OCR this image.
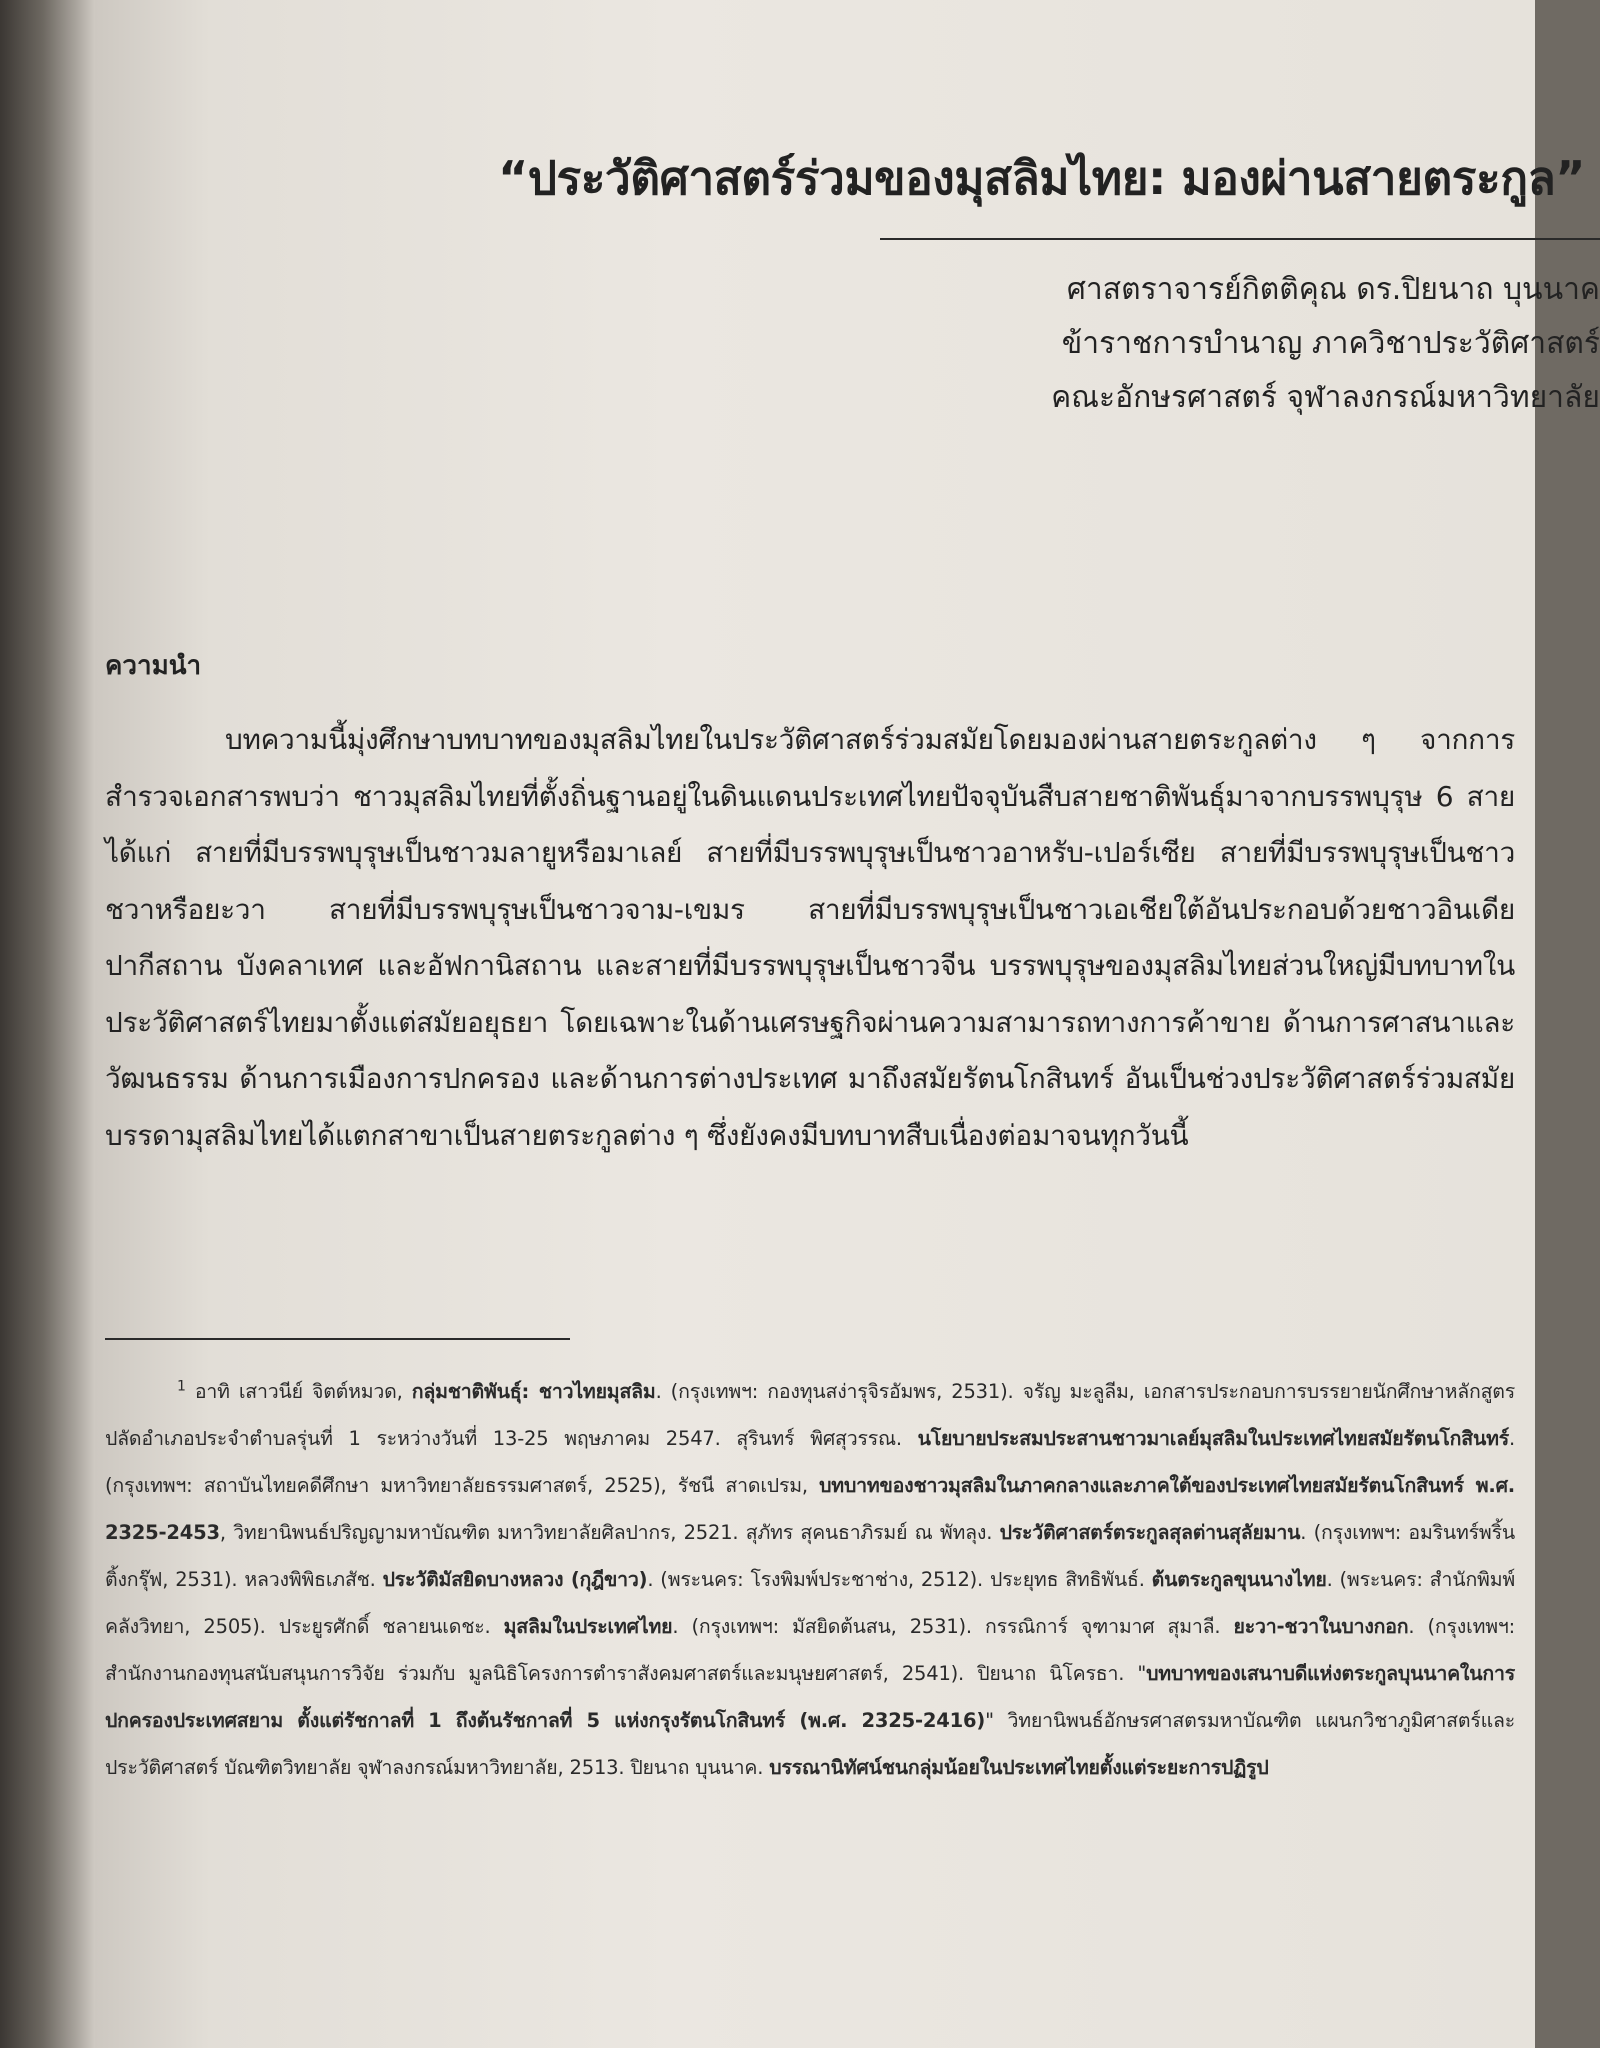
“ประวัติศาสตร์ร่วมของมุสลิมไทย: มองผ่านสายตระกูล”
ศาสตราจารย์กิตติคุณ ดร.ปิยนาถ บุนนาค
ข้าราชการบำนาญ ภาควิชาประวัติศาสตร์
คณะอักษรศาสตร์ จุฬาลงกรณ์มหาวิทยาลัย
ความนำ
บทความนี้มุ่งศึกษาบทบาทของมุสลิมไทยในประวัติศาสตร์ร่วมสมัยโดยมองผ่านสายตระกูลต่าง ๆ จากการสำรวจเอกสารพบว่า ชาวมุสลิมไทยที่ตั้งถิ่นฐานอยู่ในดินแดนประเทศไทยปัจจุบันสืบสายชาติพันธุ์มาจากบรรพบุรุษ 6 สาย ได้แก่ สายที่มีบรรพบุรุษเป็นชาวมลายูหรือมาเลย์ สายที่มีบรรพบุรุษเป็นชาวอาหรับ-เปอร์เซีย สายที่มีบรรพบุรุษเป็นชาวชวาหรือยะวา สายที่มีบรรพบุรุษเป็นชาวจาม-เขมร สายที่มีบรรพบุรุษเป็นชาวเอเชียใต้อันประกอบด้วยชาวอินเดีย ปากีสถาน บังคลาเทศ และอัฟกานิสถาน และสายที่มีบรรพบุรุษเป็นชาวจีน บรรพบุรุษของมุสลิมไทยส่วนใหญ่มีบทบาทในประวัติศาสตร์ไทยมาตั้งแต่สมัยอยุธยา โดยเฉพาะในด้านเศรษฐกิจผ่านความสามารถทางการค้าขาย ด้านการศาสนาและวัฒนธรรม ด้านการเมืองการปกครอง และด้านการต่างประเทศ มาถึงสมัยรัตนโกสินทร์ อันเป็นช่วงประวัติศาสตร์ร่วมสมัยบรรดามุสลิมไทยได้แตกสาขาเป็นสายตระกูลต่าง ๆ ซึ่งยังคงมีบทบาทสืบเนื่องต่อมาจนทุกวันนี้
$^1$ อาทิ เสาวนีย์ จิตต์หมวด, กลุ่มชาติพันธุ์: ชาวไทยมุสลิม. (กรุงเทพฯ: กองทุนสง่ารุจิรอัมพร, 2531). จรัญ มะลูลีม, เอกสารประกอบการบรรยายนักศึกษาหลักสูตรปลัดอำเภอประจำตำบลรุ่นที่ 1 ระหว่างวันที่ 13-25 พฤษภาคม 2547. สุรินทร์ พิศสุวรรณ. นโยบายประสมประสานชาวมาเลย์มุสลิมในประเทศไทยสมัยรัตนโกสินทร์. (กรุงเทพฯ: สถาบันไทยคดีศึกษา มหาวิทยาลัยธรรมศาสตร์, 2525), รัชนี สาดเปรม, บทบาทของชาวมุสลิมในภาคกลางและภาคใต้ของประเทศไทยสมัยรัตนโกสินทร์ พ.ศ. 2325-2453, วิทยานิพนธ์ปริญญามหาบัณฑิต มหาวิทยาลัยศิลปากร, 2521. สุภัทร สุคนธาภิรมย์ ณ พัทลุง. ประวัติศาสตร์ตระกูลสุลต่านสุลัยมาน. (กรุงเทพฯ: อมรินทร์พริ้นติ้งกรุ๊ฟ, 2531). หลวงพิพิธเภสัช. ประวัติมัสยิดบางหลวง (กุฎีขาว). (พระนคร: โรงพิมพ์ประชาช่าง, 2512). ประยุทธ สิทธิพันธ์. ต้นตระกูลขุนนางไทย. (พระนคร: สำนักพิมพ์คลังวิทยา, 2505). ประยูรศักดิ์ ชลายนเดชะ. มุสลิมในประเทศไทย. (กรุงเทพฯ: มัสยิดต้นสน, 2531). กรรณิการ์ จุฑามาศ สุมาลี. ยะวา-ชวาในบางกอก. (กรุงเทพฯ: สำนักงานกองทุนสนับสนุนการวิจัย ร่วมกับ มูลนิธิโครงการตำราสังคมศาสตร์และมนุษยศาสตร์, 2541). ปิยนาถ นิโครธา. "บทบาทของเสนาบดีแห่งตระกูลบุนนาคในการปกครองประเทศสยาม ตั้งแต่รัชกาลที่ 1 ถึงต้นรัชกาลที่ 5 แห่งกรุงรัตนโกสินทร์ (พ.ศ. 2325-2416)" วิทยานิพนธ์อักษรศาสตรมหาบัณฑิต แผนกวิชาภูมิศาสตร์และประวัติศาสตร์ บัณฑิตวิทยาลัย จุฬาลงกรณ์มหาวิทยาลัย, 2513. ปิยนาถ บุนนาค. บรรณานิทัศน์ชนกลุ่มน้อยในประเทศไทยตั้งแต่ระยะการปฏิรูป
